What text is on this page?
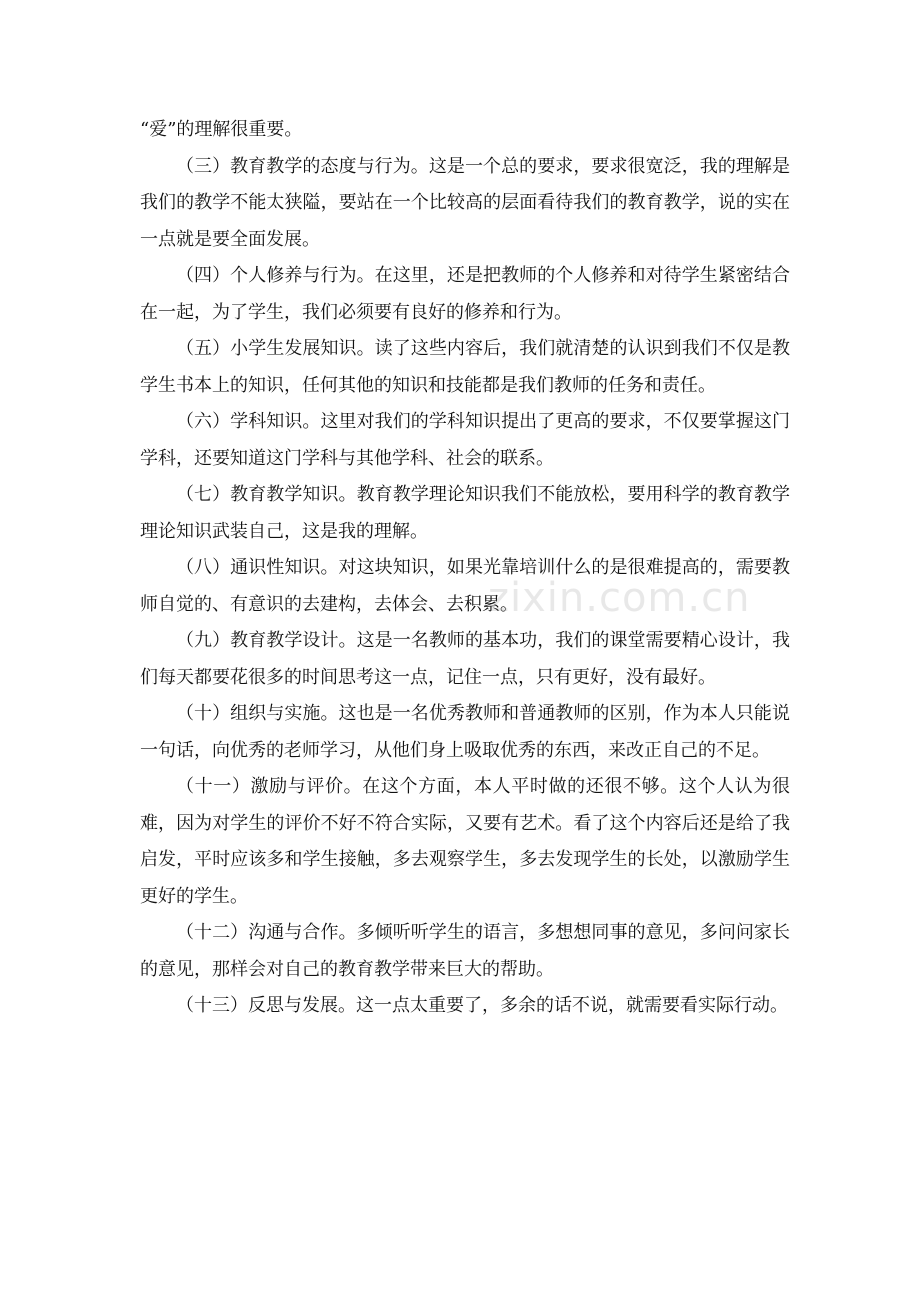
“爱”的理解很重要。

（三）教育教学的态度与行为。这是一个总的要求，要求很宽泛，我的理解是我们的教学不能太狭隘，要站在一个比较高的层面看待我们的教育教学，说的实在一点就是要全面发展。

（四）个人修养与行为。在这里，还是把教师的个人修养和对待学生紧密结合在一起，为了学生，我们必须要有良好的修养和行为。

（五）小学生发展知识。读了这些内容后，我们就清楚的认识到我们不仅是教学生书本上的知识，任何其他的知识和技能都是我们教师的任务和责任。

（六）学科知识。这里对我们的学科知识提出了更高的要求，不仅要掌握这门学科，还要知道这门学科与其他学科、社会的联系。

（七）教育教学知识。教育教学理论知识我们不能放松，要用科学的教育教学理论知识武装自己，这是我的理解。

（八）通识性知识。对这块知识，如果光靠培训什么的是很难提高的，需要教师自觉的、有意识的去建构，去体会、去积累。

（九）教育教学设计。这是一名教师的基本功，我们的课堂需要精心设计，我们每天都要花很多的时间思考这一点，记住一点，只有更好，没有最好。

（十）组织与实施。这也是一名优秀教师和普通教师的区别，作为本人只能说一句话，向优秀的老师学习，从他们身上吸取优秀的东西，来改正自己的不足。

（十一）激励与评价。在这个方面，本人平时做的还很不够。这个人认为很难，因为对学生的评价不好不符合实际，又要有艺术。看了这个内容后还是给了我启发，平时应该多和学生接触，多去观察学生，多去发现学生的长处，以激励学生更好的学生。

（十二）沟通与合作。多倾听听学生的语言，多想想同事的意见，多问问家长的意见，那样会对自己的教育教学带来巨大的帮助。

（十三）反思与发展。这一点太重要了，多余的话不说，就需要看实际行动。

zixin.com.cn
